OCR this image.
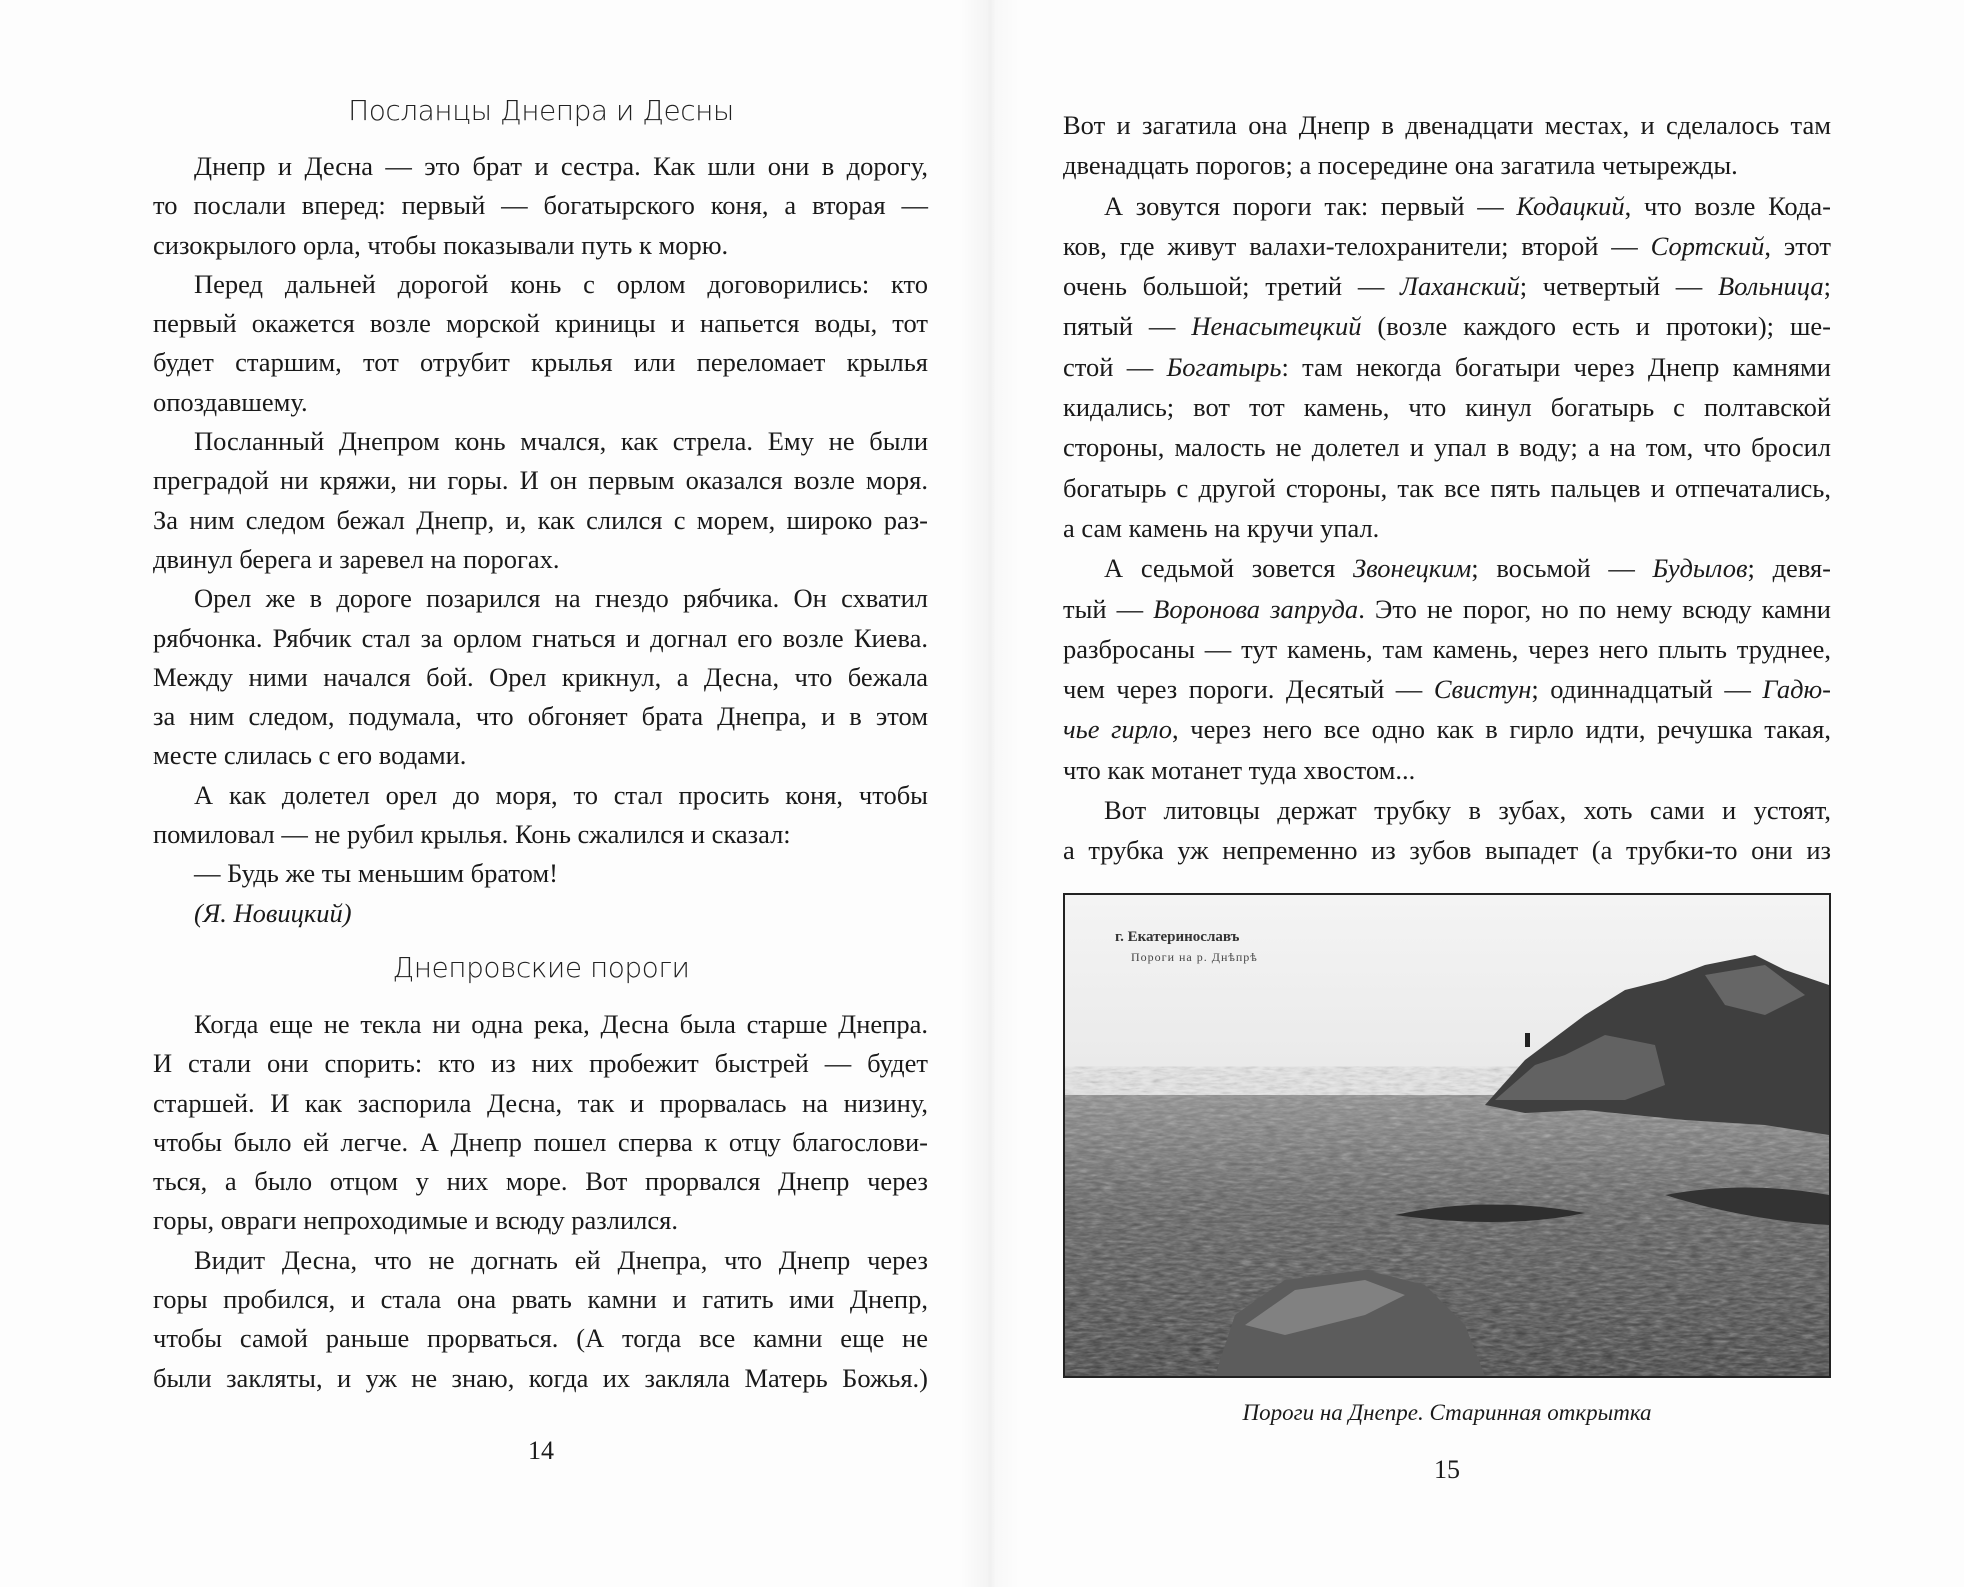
Посланцы Днепра и Десны
Днепр и Десна — это брат и сестра. Как шли они в дорогу,
то послали вперед: первый — богатырского коня, а вторая —
сизокрылого орла, чтобы показывали путь к морю.
Перед дальней дорогой конь с орлом договорились: кто
первый окажется возле морской криницы и напьется воды, тот
будет старшим, тот отрубит крылья или переломает крылья
опоздавшему.
Посланный Днепром конь мчался, как стрела. Ему не были
преградой ни кряжи, ни горы. И он первым оказался возле моря.
За ним следом бежал Днепр, и, как слился с морем, широко раз-
двинул берега и заревел на порогах.
Орел же в дороге позарился на гнездо рябчика. Он схватил
рябчонка. Рябчик стал за орлом гнаться и догнал его возле Киева.
Между ними начался бой. Орел крикнул, а Десна, что бежала
за ним следом, подумала, что обгоняет брата Днепра, и в этом
месте слилась с его водами.
А как долетел орел до моря, то стал просить коня, чтобы
помиловал — не рубил крылья. Конь сжалился и сказал:
— Будь же ты меньшим братом!
(Я. Новицкий)
Днепровские пороги
Когда еще не текла ни одна река, Десна была старше Днепра.
И стали они спорить: кто из них пробежит быстрей — будет
старшей. И как заспорила Десна, так и прорвалась на низину,
чтобы было ей легче. А Днепр пошел сперва к отцу благослови-
ться, а было отцом у них море. Вот прорвался Днепр через
горы, овраги непроходимые и всюду разлился.
Видит Десна, что не догнать ей Днепра, что Днепр через
горы пробился, и стала она рвать камни и гатить ими Днепр,
чтобы самой раньше прорваться. (А тогда все камни еще не
были закляты, и уж не знаю, когда их закляла Матерь Божья.)
14
Вот и загатила она Днепр в двенадцати местах, и сделалось там
двенадцать порогов; а посередине она загатила четырежды.
А зовутся пороги так: первый — Кодацкий, что возле Кода-
ков, где живут валахи-телохранители; второй — Сортский, этот
очень большой; третий — Лаханский; четвертый — Вольница;
пятый — Ненасытецкий (возле каждого есть и протоки); ше-
стой — Богатырь: там некогда богатыри через Днепр камнями
кидались; вот тот камень, что кинул богатырь с полтавской
стороны, малость не долетел и упал в воду; а на том, что бросил
богатырь с другой стороны, так все пять пальцев и отпечатались,
а сам камень на кручи упал.
А седьмой зовется Звонецким; восьмой — Будылов; девя-
тый — Воронова запруда. Это не порог, но по нему всюду камни
разбросаны — тут камень, там камень, через него плыть труднее,
чем через пороги. Десятый — Свистун; одиннадцатый — Гадю-
чье гирло, через него все одно как в гирло идти, речушка такая,
что как мотанет туда хвостом...
Вот литовцы держат трубку в зубах, хоть сами и устоят,
а трубка уж непременно из зубов выпадет (а трубки-то они из
г. Екатеринославъ
Пороги на р. Днѣпрѣ
Пороги на Днепре. Старинная открытка
15
